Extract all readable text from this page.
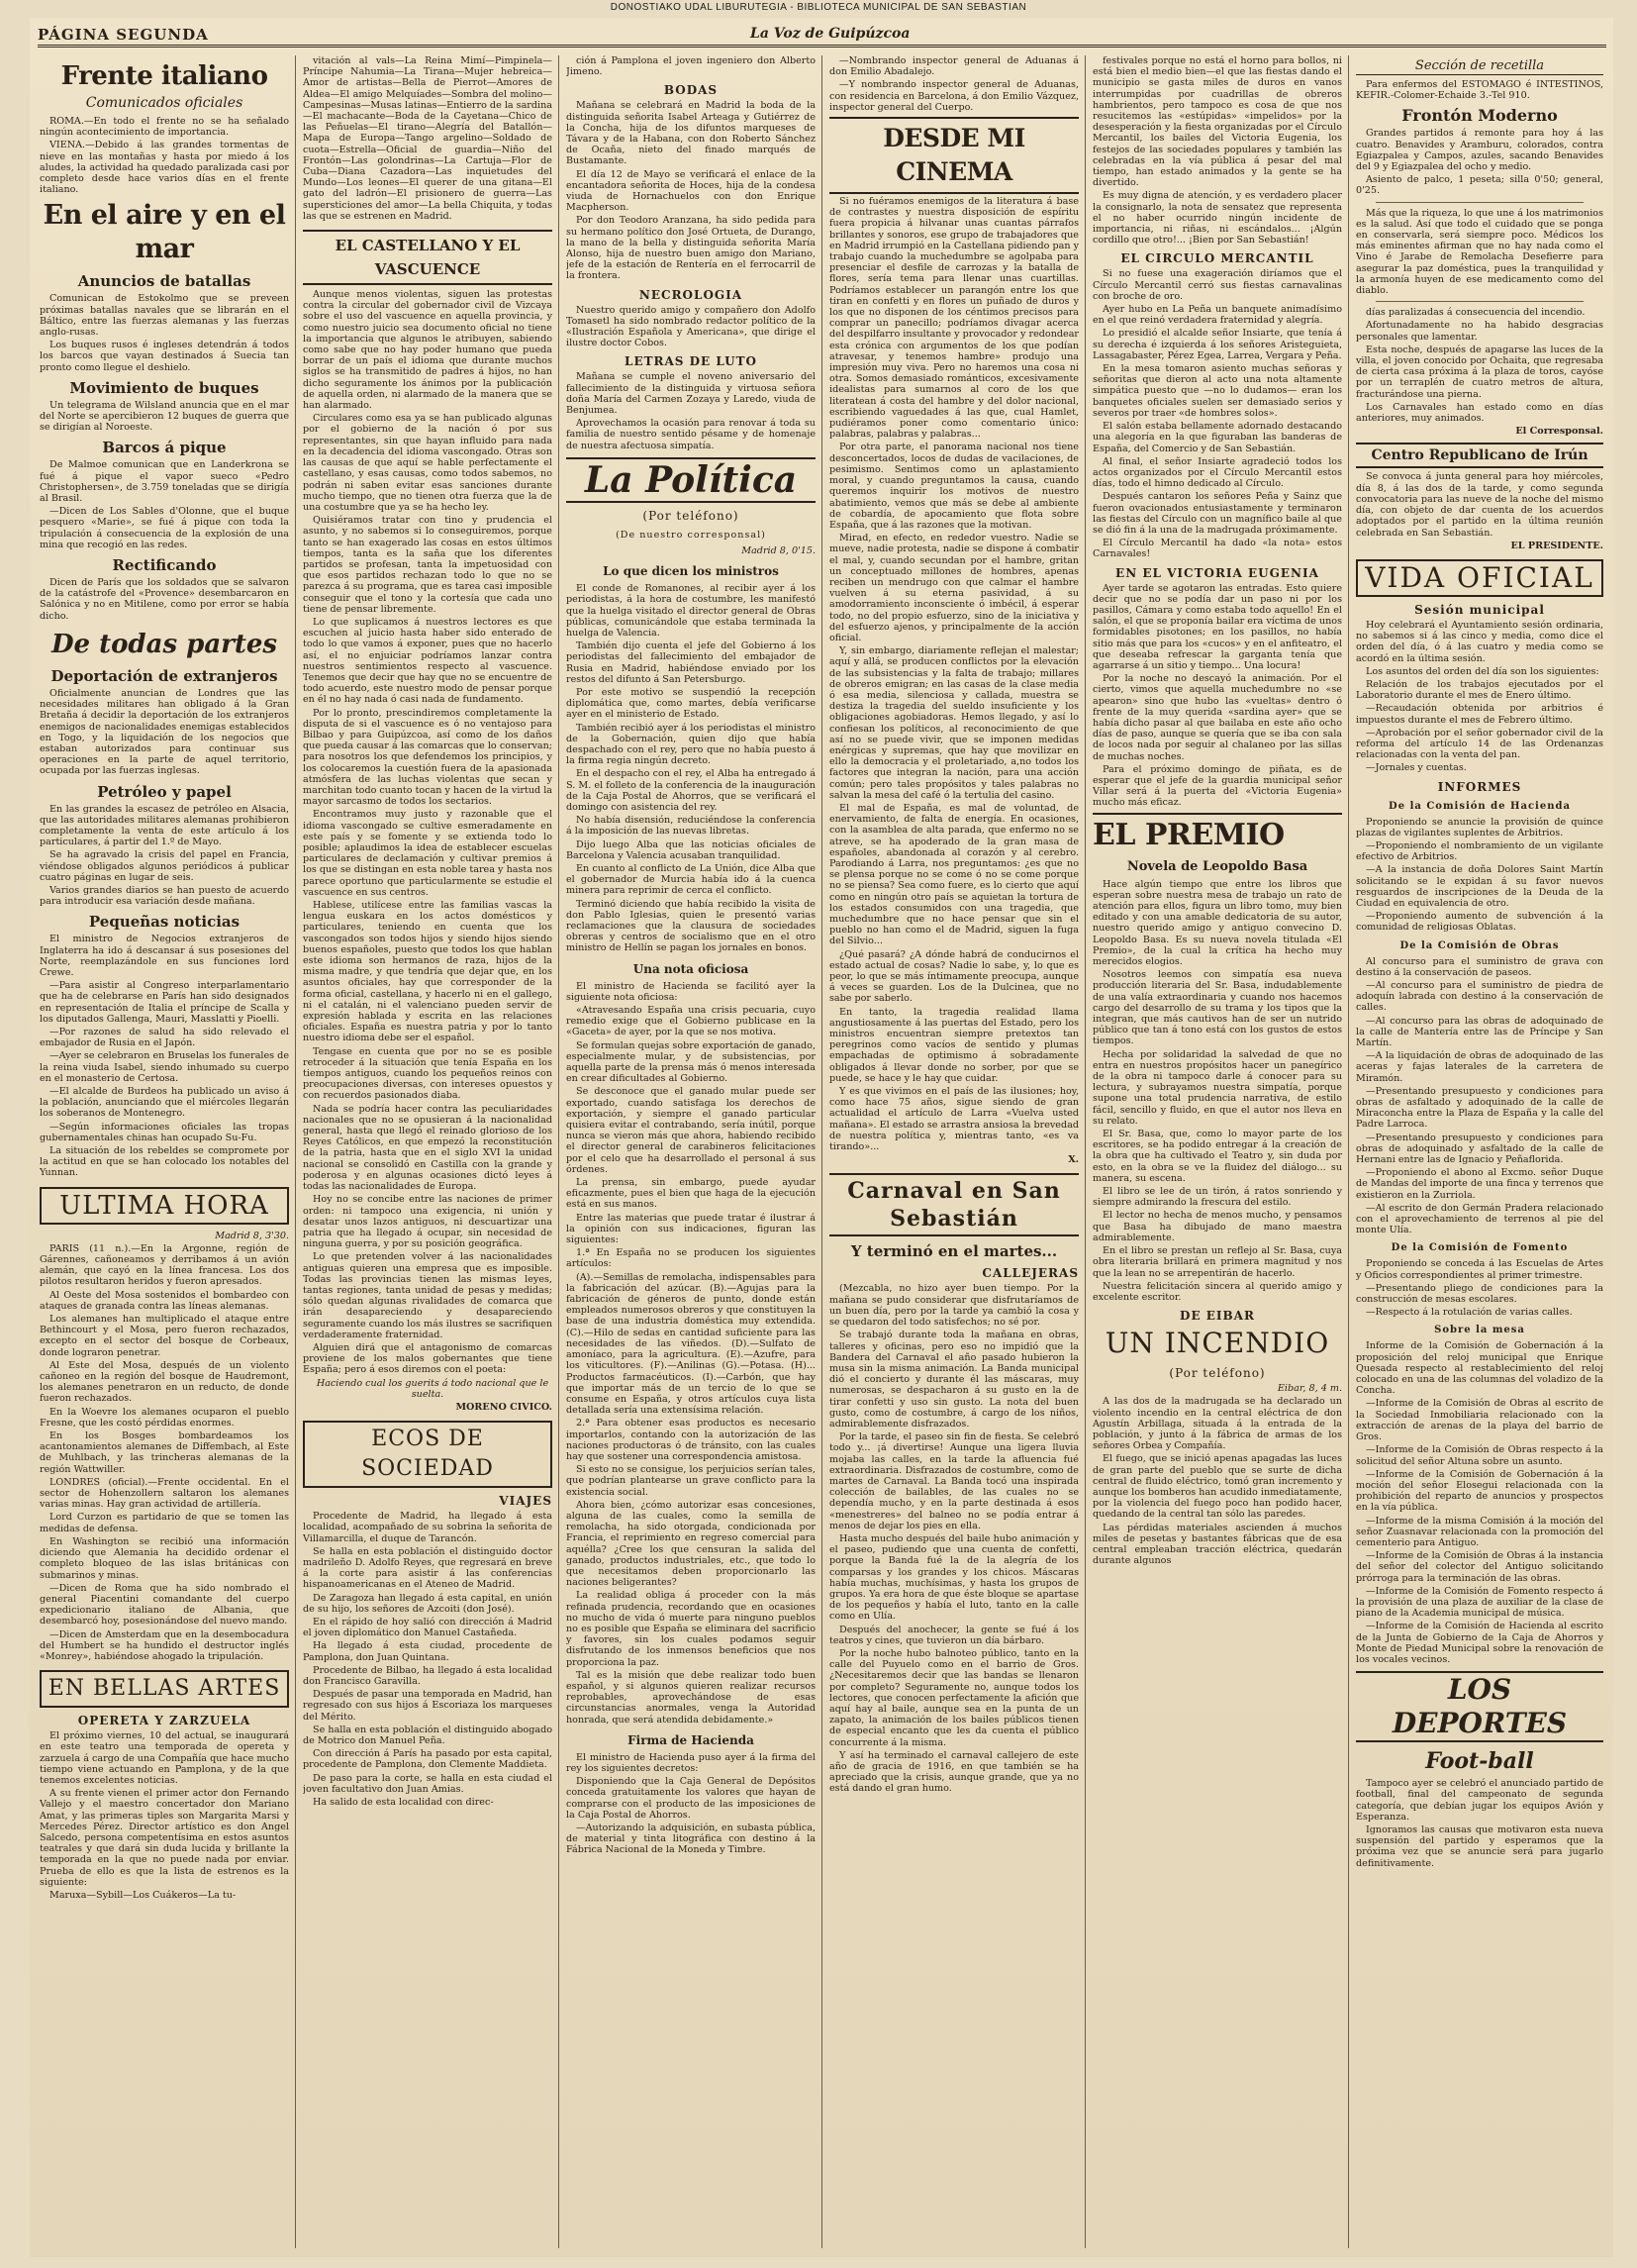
DONOSTIAKO UDAL LIBURUTEGIA - BIBLIOTECA MUNICIPAL DE SAN SEBASTIAN
PÁGINA SEGUNDA	La Voz de Guipúzcoa
Frente italiano
Comunicados oficiales
ROMA.—En todo el frente no se ha señalado ningún acontecimiento de importancia.
VIENA.—Debido á las grandes tormentas de nieve en las montañas y hasta por miedo á los aludes, la actividad ha quedado paralizada casi por completo desde hace varios días en el frente italiano.
En el aire y en el mar
Anuncios de batallas
Comunican de Estokolmo que se preveen próximas batallas navales que se librarán en el Báltico, entre las fuerzas alemanas y las fuerzas anglo-rusas.
Los buques rusos é ingleses detendrán á todos los barcos que vayan destinados á Suecia tan pronto como llegue el deshielo.
Movimiento de buques
Un telegrama de Wilsland anuncia que en el mar del Norte se apercibieron 12 buques de guerra que se dirigían al Noroeste.
Barcos á pique
De Malmoe comunican que en Landerkrona se fué á pique el vapor sueco «Pedro Christophersen», de 3.759 toneladas que se dirigía al Brasil.
—Dicen de Los Sables d'Olonne, que el buque pesquero «Marie», se fué á pique con toda la tripulación á consecuencia de la explosión de una mina que recogió en las redes.
Rectificando
Dicen de París que los soldados que se salvaron de la catástrofe del «Provence» desembarcaron en Salónica y no en Mitilene, como por error se había dicho.
De todas partes
Deportación de extranjeros
Oficialmente anuncian de Londres que las necesidades militares han obligado á la Gran Bretaña á decidir la deportación de los extranjeros enemigos de nacionalidades enemigas establecidos en Togo, y la liquidación de los negocios que estaban autorizados para continuar sus operaciones en la parte de aquel territorio, ocupada por las fuerzas inglesas.
Petróleo y papel
En las grandes la escasez de petróleo en Alsacia, que las autoridades militares alemanas prohibieron completamente la venta de este artículo á los particulares, á partir del 1.º de Mayo.
Se ha agravado la crisis del papel en Francia, viéndose obligados algunos periódicos á publicar cuatro páginas en lugar de seis.
Varios grandes diarios se han puesto de acuerdo para introducir esa variación desde mañana.
Pequeñas noticias
El ministro de Negocios extranjeros de Inglaterra ha ido á descansar á sus posesiones del Norte, reemplazándole en sus funciones lord Crewe.
—Para asistir al Congreso interparlamentario que ha de celebrarse en París han sido designados en representación de Italia el príncipe de Scalla y los diputados Gallenga, Mauri, Masslatti y Pioelli.
—Por razones de salud ha sido relevado el embajador de Rusia en el Japón.
—Ayer se celebraron en Bruselas los funerales de la reina viuda Isabel, siendo inhumado su cuerpo en el monasterio de Certosa.
—El alcalde de Burdeos ha publicado un aviso á la población, anunciando que el miércoles llegarán los soberanos de Montenegro.
—Según informaciones oficiales las tropas gubernamentales chinas han ocupado Su-Fu.
La situación de los rebeldes se compromete por la actitud en que se han colocado los notables del Yunnan.
ULTIMA HORA
Madrid 8, 3'30.
PARIS (11 n.).—En la Argonne, región de Gárennes, cañoneamos y derribamos á un avión alemán, que cayó en la línea francesa. Los dos pilotos resultaron heridos y fueron apresados.
Al Oeste del Mosa sostenidos el bombardeo con ataques de granada contra las líneas alemanas.
Los alemanes han multiplicado el ataque entre Bethincourt y el Mosa, pero fueron rechazados, excepto en el sector del bosque de Corbeaux, donde lograron penetrar.
Al Este del Mosa, después de un violento cañoneo en la región del bosque de Haudremont, los alemanes penetraron en un reducto, de donde fueron rechazados.
En la Woevre los alemanes ocuparon el pueblo Fresne, que les costó pérdidas enormes.
En los Bosges bombardeamos los acantonamientos alemanes de Diffembach, al Este de Muhlbach, y las trincheras alemanas de la región Wattwiller.
LONDRES (oficial).—Frente occidental. En el sector de Hohenzollern saltaron los alemanes varias minas. Hay gran actividad de artillería.
Lord Curzon es partidario de que se tomen las medidas de defensa.
En Washington se recibió una información diciendo que Alemania ha decidido ordenar el completo bloqueo de las islas británicas con submarinos y minas.
—Dicen de Roma que ha sido nombrado el general Piacentini comandante del cuerpo expedicionario italiano de Albania, que desembarcó hoy, posesionándose del nuevo mando.
—Dicen de Amsterdam que en la desembocadura del Humbert se ha hundido el destructor inglés «Monrey», habiéndose ahogado la tripulación.
EN BELLAS ARTES
OPERETA Y ZARZUELA
El próximo viernes, 10 del actual, se inaugurará en este teatro una temporada de opereta y zarzuela á cargo de una Compañía que hace mucho tiempo viene actuando en Pamplona, y de la que tenemos excelentes noticias.
A su frente vienen el primer actor don Fernando Vallejo y el maestro concertador don Mariano Amat, y las primeras tiples son Margarita Marsi y Mercedes Pérez. Director artístico es don Angel Salcedo, persona competentísima en estos asuntos teatrales y que dará sin duda lucida y brillante la temporada en la que no puede nada por enviar. Prueba de ello es que la lista de estrenos es la siguiente:
Maruxa—Sybill—Los Cuákeros—La tu-
vitación al vals—La Reina Mimí—Pimpinela—Príncipe Nahumia—La Tirana—Mujer hebreica—Amor de artistas—Bella de Pierrot—Amores de Aldea—El amigo Melquíades—Sombra del molino—Campesinas—Musas latinas—Entierro de la sardina—El machacante—Boda de la Cayetana—Chico de las Peñuelas—El tirano—Alegría del Batallón—Mapa de Europa—Tango argelino—Soldado de cuota—Estrella—Oficial de guardia—Niño del Frontón—Las golondrinas—La Cartuja—Flor de Cuba—Diana Cazadora—Las inquietudes del Mundo—Los leones—El querer de una gitana—El gato del ladrón—El prisionero de guerra—Las supersticiones del amor—La bella Chiquita, y todas las que se estrenen en Madrid.
EL CASTELLANO Y EL VASCUENCE
Aunque menos violentas, siguen las protestas contra la circular del gobernador civil de Vizcaya sobre el uso del vascuence en aquella provincia, y como nuestro juicio sea documento oficial no tiene la importancia que algunos le atribuyen, sabiendo como sabe que no hay poder humano que pueda borrar de un país el idioma que durante muchos siglos se ha transmitido de padres á hijos, no han dicho seguramente los ánimos por la publicación de aquella orden, ni alarmado de la manera que se han alarmado.
Circulares como esa ya se han publicado algunas por el gobierno de la nación ó por sus representantes, sin que hayan influido para nada en la decadencia del idioma vascongado. Otras son las causas de que aquí se hable perfectamente el castellano, y esas causas, como todos sabemos, no podrán ni saben evitar esas sanciones durante mucho tiempo, que no tienen otra fuerza que la de una costumbre que ya se ha hecho ley.
Quisiéramos tratar con tino y prudencia el asunto, y no sabemos si lo conseguiremos, porque tanto se han exagerado las cosas en estos últimos tiempos, tanta es la saña que los diferentes partidos se profesan, tanta la impetuosidad con que esos partidos rechazan todo lo que no se parezca á su programa, que es tarea casi imposible conseguir que el tono y la cortesía que cada uno tiene de pensar libremente.
Lo que suplicamos á nuestros lectores es que escuchen al juicio hasta haber sido enterado de todo lo que vamos á exponer, pues que no hacerlo así, el no enjuiciar podríamos lanzar contra nuestros sentimientos respecto al vascuence. Tenemos que decir que hay que no se encuentre de todo acuerdo, este nuestro modo de pensar porque en él no hay nada ó casi nada de fundamento.
Por lo pronto, prescindiremos completamente la disputa de si el vascuence es ó no ventajoso para Bilbao y para Guipúzcoa, así como de los daños que pueda causar á las comarcas que lo conservan; para nosotros los que defendemos los principios, y los colocaremos la cuestión fuera de la apasionada atmósfera de las luchas violentas que secan y marchitan todo cuanto tocan y hacen de la virtud la mayor sarcasmo de todos los sectarios.
Encontramos muy justo y razonable que el idioma vascongado se cultive esmeradamente en este país y se fomente y se extienda todo lo posible; aplaudimos la idea de establecer escuelas particulares de declamación y cultivar premios á los que se distingan en esta noble tarea y hasta nos parece oportuno que particularmente se estudie el vascuence en sus centros.
Hablese, utilícese entre las familias vascas la lengua euskara en los actos domésticos y particulares, teniendo en cuenta que los vascongados son todos hijos y siendo hijos siendo buenos españoles, puesto que todos los que hablan este idioma son hermanos de raza, hijos de la misma madre, y que tendría que dejar que, en los asuntos oficiales, hay que corresponder de la forma oficial, castellana, y hacerlo ni en el gallego, ni el catalán, ni el valenciano pueden servir de expresión hablada y escrita en las relaciones oficiales. España es nuestra patria y por lo tanto nuestro idioma debe ser el español.
Tengase en cuenta que por no se es posible retroceder á la situación que tenía España en los tiempos antiguos, cuando los pequeños reinos con preocupaciones diversas, con intereses opuestos y con recuerdos pasionados diaba.
Nada se podría hacer contra las peculiaridades nacionales que no se opusieran á la nacionalidad general, hasta que llegó el reinado glorioso de los Reyes Católicos, en que empezó la reconstitución de la patria, hasta que en el siglo XVI la unidad nacional se consolidó en Castilla con la grande y poderosa y en algunas ocasiones dictó leyes á todas las nacionalidades de Europa.
Hoy no se concibe entre las naciones de primer orden: ni tampoco una exigencia, ni unión y desatar unos lazos antiguos, ni descuartizar una patria que ha llegado á ocupar, sin necesidad de ninguna guerra, y por su posición geográfica.
Lo que pretenden volver á las nacionalidades antiguas quieren una empresa que es imposible. Todas las provincias tienen las mismas leyes, tantas regiones, tanta unidad de pesas y medidas; sólo quedan algunas rivalidades de comarca que irán desapareciendo y desapareciendo seguramente cuando los más ilustres se sacrifiquen verdaderamente fraternidad.
Alguien dirá que el antagonismo de comarcas proviene de los malos gobernantes que tiene España; pero á esos diremos con el poeta:
Haciendo cual los guerits á todo nacional que le suelta.
MORENO CIVICO.
ECOS DE SOCIEDAD
VIAJES
Procedente de Madrid, ha llegado á esta localidad, acompañado de su sobrina la señorita de Villamarcilla, el duque de Tarancón.
Se halla en esta población el distinguido doctor madrileño D. Adolfo Reyes, que regresará en breve á la corte para asistir á las conferencias hispanoamericanas en el Ateneo de Madrid.
De Zaragoza han llegado á esta capital, en unión de su hijo, los señores de Azcoiti (don José).
En el rápido de hoy salió con dirección á Madrid el joven diplomático don Manuel Castañeda.
Ha llegado á esta ciudad, procedente de Pamplona, don Juan Quintana.
Procedente de Bilbao, ha llegado á esta localidad don Francisco Garavilla.
Después de pasar una temporada en Madrid, han regresado con sus hijos á Escoriaza los marqueses del Mérito.
Se halla en esta población el distinguido abogado de Motrico don Manuel Peña.
Con dirección á París ha pasado por esta capital, procedente de Pamplona, don Clemente Maddieta.
De paso para la corte, se halla en esta ciudad el joven facultativo don Juan Amias.
Ha salido de esta localidad con direc-
ción á Pamplona el joven ingeniero don Alberto Jimeno.
BODAS
Mañana se celebrará en Madrid la boda de la distinguida señorita Isabel Arteaga y Gutiérrez de la Concha, hija de los difuntos marqueses de Távara y de la Habana, con don Roberto Sánchez de Ocaña, nieto del finado marqués de Bustamante.
El día 12 de Mayo se verificará el enlace de la encantadora señorita de Hoces, hija de la condesa viuda de Hornachuelos con don Enrique Macpherson.
Por don Teodoro Aranzana, ha sido pedida para su hermano político don José Ortueta, de Durango, la mano de la bella y distinguida señorita María Alonso, hija de nuestro buen amigo don Mariano, jefe de la estación de Rentería en el ferrocarril de la frontera.
NECROLOGIA
Nuestro querido amigo y compañero don Adolfo Tomasetl ha sido nombrado redactor político de la «Ilustración Española y Americana», que dirige el ilustre doctor Cobos.
LETRAS DE LUTO
Mañana se cumple el noveno aniversario del fallecimiento de la distinguida y virtuosa señora doña María del Carmen Zozaya y Laredo, viuda de Benjumea.
Aprovechamos la ocasión para renovar á toda su familia de nuestro sentido pésame y de homenaje de nuestra afectuosa simpatía.
La Política
(Por teléfono)
(De nuestro corresponsal)
Madrid 8, 0'15.
Lo que dicen los ministros
El conde de Romanones, al recibir ayer á los periodistas, á la hora de costumbre, les manifestó que la huelga visitado el director general de Obras públicas, comunicándole que estaba terminada la huelga de Valencia.
También dijo cuenta el jefe del Gobierno á los periodistas del fallecimiento del embajador de Rusia en Madrid, habiéndose enviado por los restos del difunto á San Petersburgo.
Por este motivo se suspendió la recepción diplomática que, como martes, debía verificarse ayer en el ministerio de Estado.
También recibió ayer á los periodistas el ministro de la Gobernación, quien dijo que había despachado con el rey, pero que no había puesto á la firma regia ningún decreto.
En el despacho con el rey, el Alba ha entregado á S. M. el folleto de la conferencia de la inauguración de la Caja Postal de Ahorros, que se verificará el domingo con asistencia del rey.
No había disensión, reduciéndose la conferencia á la imposición de las nuevas libretas.
Dijo luego Alba que las noticias oficiales de Barcelona y Valencia acusaban tranquilidad.
En cuanto al conflicto de La Unión, dice Alba que el gobernador de Murcia había ido á la cuenca minera para reprimir de cerca el conflicto.
Terminó diciendo que había recibido la visita de don Pablo Iglesias, quien le presentó varias reclamaciones que la clausura de sociedades obreras y centros de socialismo que en el otro ministro de Hellín se pagan los jornales en bonos.
Una nota oficiosa
El ministro de Hacienda se facilitó ayer la siguiente nota oficiosa:
«Atravesando España una crisis pecuaria, cuyo remedio exige que el Gobierno publicase en la «Gaceta» de ayer, por la que se nos motiva.
Se formulan quejas sobre exportación de ganado, especialmente mular, y de subsistencias, por aquella parte de la prensa más ó menos interesada en crear dificultades al Gobierno.
Se desconoce que el ganado mular puede ser exportado, cuando satisfaga los derechos de exportación, y siempre el ganado particular quisiera evitar el contrabando, sería inútil, porque nunca se vieron más que ahora, habiendo recibido el director general de carabineros felicitaciones por el celo que ha desarrollado el personal á sus órdenes.
La prensa, sin embargo, puede ayudar eficazmente, pues el bien que haga de la ejecución está en sus manos.
Entre las materias que puede tratar é ilustrar á la opinión con sus indicaciones, figuran las siguientes:
1.ª En España no se producen los siguientes artículos:
(A).—Semillas de remolacha, indispensables para la fabricación del azúcar. (B).—Agujas para la fabricación de géneros de punto, donde están empleados numerosos obreros y que constituyen la base de una industria doméstica muy extendida. (C).—Hilo de sedas en cantidad suficiente para las necesidades de las viñedos. (D).—Sulfato de amoníaco, para la agricultura. (E).—Azufre, para los viticultores. (F).—Anilinas (G).—Potasa. (H)... Productos farmacéuticos. (I).—Carbón, que hay que importar más de un tercio de lo que se consume en España, y otros artículos cuya lista detallada sería una extensísima relación.
2.ª Para obtener esas productos es necesario importarlos, contando con la autorización de las naciones productoras ó de tránsito, con las cuales hay que sostener una correspondencia amistosa.
Si esto no se consigue, los perjuicios serían tales, que podrían plantearse un grave conflicto para la existencia social.
Ahora bien, ¿cómo autorizar esas concesiones, alguna de las cuales, como la semilla de remolacha, ha sido otorgada, condicionada por Francia, el reprimiento en regreso comercial para aquélla? ¿Cree los que censuran la salida del ganado, productos industriales, etc., que todo lo que necesitamos deben proporcionarlo las naciones beligerantes?
La realidad obliga á proceder con la más refinada prudencia, recordando que en ocasiones no mucho de vida ó muerte para ninguno pueblos no es posible que España se eliminara del sacrificio y favores, sin los cuales podamos seguir disfrutando de los inmensos beneficios que nos proporciona la paz.
Tal es la misión que debe realizar todo buen español, y si algunos quieren realizar recursos reprobables, aprovechándose de esas circunstancias anormales, venga la Autoridad honrada, que será atendida debidamente.»
Firma de Hacienda
El ministro de Hacienda puso ayer á la firma del rey los siguientes decretos:
Disponiendo que la Caja General de Depósitos conceda gratuitamente los valores que hayan de comprarse con el producto de las imposiciones de la Caja Postal de Ahorros.
—Autorizando la adquisición, en subasta pública, de material y tinta litográfica con destino á la Fábrica Nacional de la Moneda y Timbre.
—Nombrando inspector general de Aduanas á don Emilio Abadalejo.
—Y nombrando inspector general de Aduanas, con residencia en Barcelona, á don Emilio Vázquez, inspector general del Cuerpo.
DESDE MI CINEMA
Si no fuéramos enemigos de la literatura á base de contrastes y nuestra disposición de espíritu fuera propicia á hilvanar unas cuantas párrafos brillantes y sonoros, ese grupo de trabajadores que en Madrid irrumpió en la Castellana pidiendo pan y trabajo cuando la muchedumbre se agolpaba para presenciar el desfile de carrozas y la batalla de flores, sería tema para llenar unas cuartillas. Podríamos establecer un parangón entre los que tiran en confetti y en flores un puñado de duros y los que no disponen de los céntimos precisos para comprar un panecillo; podríamos divagar acerca del despilfarro insultante y provocador y redondear esta crónica con argumentos de los que podían atravesar, y tenemos hambre» produjo una impresión muy viva. Pero no haremos una cosa ni otra. Somos demasiado románticos, excesivamente idealistas para sumarnos al coro de los que literatean á costa del hambre y del dolor nacional, escribiendo vaguedades á las que, cual Hamlet, pudiéramos poner como comentario único: palabras, palabras y palabras...
Por otra parte, el panorama nacional nos tiene desconcertados, locos de dudas de vacilaciones, de pesimismo. Sentimos como un aplastamiento moral, y cuando preguntamos la causa, cuando queremos inquirir los motivos de nuestro abatimiento, vemos que más se debe al ambiente de cobardía, de apocamiento que flota sobre España, que á las razones que la motivan.
Mirad, en efecto, en rededor vuestro. Nadie se mueve, nadie protesta, nadie se dispone á combatir el mal, y, cuando secundan por el hambre, gritan un conceptuado millones de hombres, apenas reciben un mendrugo con que calmar el hambre vuelven á su eterna pasividad, á su amodorramiento inconsciente ó imbécil, á esperar todo, no del propio esfuerzo, sino de la iniciativa y del esfuerzo ajenos, y principalmente de la acción oficial.
Y, sin embargo, diariamente reflejan el malestar; aquí y allá, se producen conflictos por la elevación de las subsistencias y la falta de trabajo; millares de obreros emigran; en las casas de la clase media ó esa media, silenciosa y callada, muestra se destiza la tragedia del sueldo insuficiente y los obligaciones agobiadoras. Hemos llegado, y así lo confiesan los políticos, al reconocimiento de que así no se puede vivir, que se imponen medidas enérgicas y supremas, que hay que movilizar en ello la democracia y el proletariado, a,no todos los factores que integran la nación, para una acción común; pero tales propósitos y tales palabras no salvan la mesa del café ó la tertulia del casino.
El mal de España, es mal de voluntad, de enervamiento, de falta de energía. En ocasiones, con la asamblea de alta parada, que enfermo no se atreve, se ha apoderado de la gran masa de españoles, abandonada al corazón y al cerebro. Parodiando á Larra, nos preguntamos: ¿es que no se plensa porque no se come ó no se come porque no se piensa? Sea como fuere, es lo cierto que aquí como en ningún otro país se aquietan la tortura de los estados consumidos con una tragedia, que muchedumbre que no hace pensar que sin el pueblo no han como el de Madrid, siguen la fuga del Silvio...
¿Qué pasará? ¿A dónde habrá de conducirnos el estado actual de cosas? Nadie lo sabe, y, lo que es peor, lo que se más íntimamente preocupa, aunque á veces se guarden. Los de la Dulcinea, que no sabe por saberlo.
En tanto, la tragedia realidad llama angustiosamente á las puertas del Estado, pero los ministros encuentran siempre pretextos tan peregrinos como vacíos de sentido y plumas empachadas de optimismo á sobradamente obligados á llevar donde no sorber, por que se puede, se hace y le hay que cuidar.
Y es que vivimos en el país de las ilusiones; hoy, como hace 75 años, sigue siendo de gran actualidad el artículo de Larra «Vuelva usted mañana». El estado se arrastra ansiosa la brevedad de nuestra política y, mientras tanto, «es va tirando»...
X.
Carnaval en San Sebastián
Y terminó en el martes...
CALLEJERAS
(Mezcabla, no hizo ayer buen tiempo. Por la mañana se pudo considerar que disfrutaríamos de un buen día, pero por la tarde ya cambió la cosa y se quedaron del todo satisfechos; no sé por.
Se trabajó durante toda la mañana en obras, talleres y oficinas, pero eso no impidió que la Bandera del Carnaval el año pasado hubieron la musa sin la misma animación. La Banda municipal dió el concierto y durante él las máscaras, muy numerosas, se despacharon á su gusto en la de tirar confetti y uso sin gusto. La nota del buen gusto, como de costumbre, á cargo de los niños, admirablemente disfrazados.
Por la tarde, el paseo sin fin de fiesta. Se celebró todo y... ¡á divertirse! Aunque una ligera lluvia mojaba las calles, en la tarde la afluencia fué extraordinaria. Disfrazados de costumbre, como de martes de Carnaval. La Banda tocó una inspirada colección de bailables, de las cuales no se dependía mucho, y en la parte destinada á esos «menestreres» del balneo no se podía entrar á menos de dejar los pies en ella.
Hasta mucho después del baile hubo animación y el paseo, pudiendo que una cuenta de confetti, porque la Banda fué la de la alegría de los comparsas y los grandes y los chicos. Máscaras había muchas, muchísimas, y hasta los grupos de grupos. Ya era hora de que éste bloque se apartase de los pequeños y había el luto, tanto en la calle como en Ulía.
Después del anochecer, la gente se fué á los teatros y cines, que tuvieron un día bárbaro.
Por la noche hubo balnoteo público, tanto en la calle del Puyuelo como en el barrio de Gros. ¿Necesitaremos decir que las bandas se llenaron por completo? Seguramente no, aunque todos los lectores, que conocen perfectamente la afición que aquí hay al baile, aunque sea en la punta de un zapato, la animación de los bailes públicos tienen de especial encanto que les da cuenta el público concurrente á la misma.
Y así ha terminado el carnaval callejero de este año de gracia de 1916, en que también se ha apreciado que la crisis, aunque grande, que ya no está dando el gran humo.
festivales porque no está el horno para bollos, ni está bien el medio bien—el que las fiestas dando el municipio se gasta miles de duros en vanos interrumpidas por cuadrillas de obreros hambrientos, pero tampoco es cosa de que nos resucitemos las «estúpidas» «impelidos» por la desesperación y la fiesta organizadas por el Círculo Mercantil, los bailes del Victoria Eugenia, los festejos de las sociedades populares y también las celebradas en la vía pública á pesar del mal tiempo, han estado animados y la gente se ha divertido.
Es muy digna de atención, y es verdadero placer la consignarlo, la nota de sensatez que representa el no haber ocurrido ningún incidente de importancia, ni riñas, ni escándalos... ¡Algún cordillo que otro!... ¡Bien por San Sebastián!
EL CIRCULO MERCANTIL
Si no fuese una exageración diríamos que el Círculo Mercantil cerró sus fiestas carnavalinas con broche de oro.
Ayer hubo en La Peña un banquete animadísimo en el que reinó verdadera fraternidad y alegría.
Lo presidió el alcalde señor Insiarte, que tenía á su derecha é izquierda á los señores Aristeguieta, Lassagabaster, Pérez Egea, Larrea, Vergara y Peña.
En la mesa tomaron asiento muchas señoras y señoritas que dieron al acto una nota altamente simpática puesto que —no lo dudamos— eran los banquetes oficiales suelen ser demasiado serios y severos por traer «de hombres solos».
El salón estaba bellamente adornado destacando una alegoría en la que figuraban las banderas de España, del Comercio y de San Sebastián.
Al final, el señor Insiarte agradeció todos los actos organizados por el Círculo Mercantil estos días, todo el himno dedicado al Círculo.
Después cantaron los señores Peña y Sainz que fueron ovacionados entusiastamente y terminaron las fiestas del Círculo con un magnífico baile al que se dió fin á la una de la madrugada próximamente.
El Círculo Mercantil ha dado «la nota» estos Carnavales!
EN EL VICTORIA EUGENIA
Ayer tarde se agotaron las entradas. Esto quiere decir que no se podía dar un paso ni por los pasillos, Cámara y como estaba todo aquello! En el salón, el que se proponía bailar era víctima de unos formidables pisotones; en los pasillos, no había sitio más que para los «cucos» y en el anfiteatro, el que deseaba refrescar la garganta tenía que agarrarse á un sitio y tiempo... Una locura!
Por la noche no descayó la animación. Por el cierto, vimos que aquella muchedumbre no «se apearon» sino que hubo las «vueltas» dentro ó frente de la muy querida «sardina ayer» que se había dicho pasar al que bailaba en este año ocho días de paso, aunque se quería que se iba con sala de locos nada por seguir al chalaneo por las sillas de muchas noches.
Para el próximo domingo de piñata, es de esperar que el jefe de la guardia municipal señor Villar será á la puerta del «Victoria Eugenia» mucho más eficaz.
EL PREMIO
Novela de Leopoldo Basa
Hace algún tiempo que entre los libros que esperan sobre nuestra mesa de trabajo un rato de atención para ellos, figura un libro tomo, muy bien editado y con una amable dedicatoria de su autor, nuestro querido amigo y antiguo convecino D. Leopoldo Basa. Es su nueva novela titulada «El Premio», de la cual la crítica ha hecho muy merecidos elogios.
Nosotros leemos con simpatía esa nueva producción literaria del Sr. Basa, indudablemente de una valía extraordinaria y cuando nos hacemos cargo del desarrollo de su trama y los tipos que la integran, que más cautivos han de ser un nutrido público que tan á tono está con los gustos de estos tiempos.
Hecha por solidaridad la salvedad de que no entra en nuestros propósitos hacer un panegírico de la obra ni tampoco darle á conocer para su lectura, y subrayamos nuestra simpatía, porque supone una total prudencia narrativa, de estilo fácil, sencillo y fluido, en que el autor nos lleva en su relato.
El Sr. Basa, que, como lo mayor parte de los escritores, se ha podido entregar á la creación de la obra que ha cultivado el Teatro y, sin duda por esto, en la obra se ve la fluidez del diálogo... su manera, su escena.
El libro se lee de un tirón, á ratos sonriendo y siempre admirando la frescura del estilo.
El lector no hecha de menos mucho, y pensamos que Basa ha dibujado de mano maestra admirablemente.
En el libro se prestan un reflejo al Sr. Basa, cuya obra literaria brillará en primera magnitud y nos que la lean no se arrepentirán de hacerlo.
Nuestra felicitación sincera al querido amigo y excelente escritor.
DE EIBAR
UN INCENDIO
(Por teléfono)
Eibar, 8, 4 m.
A las dos de la madrugada se ha declarado un violento incendio en la central eléctrica de don Agustín Arbillaga, situada á la entrada de la población, y junto á la fábrica de armas de los señores Orbea y Compañía.
El fuego, que se inició apenas apagadas las luces de gran parte del pueblo que se surte de dicha central de fluido eléctrico, tomó gran incremento y aunque los bomberos han acudido inmediatamente, por la violencia del fuego poco han podido hacer, quedando de la central tan sólo las paredes.
Las pérdidas materiales ascienden á muchos miles de pesetas y bastantes fábricas que de esa central empleaban tracción eléctrica, quedarán durante algunos
Sección de recetilla
Para enfermos del ESTOMAGO é INTESTINOS, KEFIR.-Colomer-Echaide 3.-Tel 910.
Frontón Moderno
Grandes partidos á remonte para hoy á las cuatro. Benavides y Aramburu, colorados, contra Egiazpalea y Campos, azules, sacando Benavides del 9 y Egiazpalea del ocho y medio.
Asiento de palco, 1 peseta; silla 0'50; general, 0'25.
Más que la riqueza, lo que une á los matrimonios es la salud. Así que todo el cuidado que se ponga en conservarla, será siempre poco. Médicos los más eminentes afirman que no hay nada como el Vino é Jarabe de Remolacha Desefierre para asegurar la paz doméstica, pues la tranquilidad y la armonía huyen de ese medicamento como del diablo.
días paralizadas á consecuencia del incendio.
Afortunadamente no ha habido desgracias personales que lamentar.
Esta noche, después de apagarse las luces de la villa, el joven conocido por Ochaita, que regresaba de cierta casa próxima á la plaza de toros, cayóse por un terraplén de cuatro metros de altura, fracturándose una pierna.
Los Carnavales han estado como en días anteriores, muy animados.
El Corresponsal.
Centro Republicano de Irún
Se convoca á junta general para hoy miércoles, día 8, á las dos de la tarde, y como segunda convocatoria para las nueve de la noche del mismo día, con objeto de dar cuenta de los acuerdos adoptados por el partido en la última reunión celebrada en San Sebastián.
EL PRESIDENTE.
VIDA OFICIAL
Sesión municipal
Hoy celebrará el Ayuntamiento sesión ordinaria, no sabemos si á las cinco y media, como dice el orden del día, ó á las cuatro y media como se acordó en la última sesión.
Los asuntos del orden del día son los siguientes:
Relación de los trabajos ejecutados por el Laboratorio durante el mes de Enero último.
—Recaudación obtenida por arbitrios é impuestos durante el mes de Febrero último.
—Aprobación por el señor gobernador civil de la reforma del artículo 14 de las Ordenanzas relacionadas con la venta del pan.
—Jornales y cuentas.
INFORMES
De la Comisión de Hacienda
Proponiendo se anuncie la provisión de quince plazas de vigilantes suplentes de Arbitrios.
—Proponiendo el nombramiento de un vigilante efectivo de Arbitrios.
—A la instancia de doña Dolores Saint Martín solicitando se le expidan á su favor nuevos resguardos de inscripciones de la Deuda de la Ciudad en equivalencia de otro.
—Proponiendo aumento de subvención á la comunidad de religiosas Oblatas.
De la Comisión de Obras
Al concurso para el suministro de grava con destino á la conservación de paseos.
—Al concurso para el suministro de piedra de adoquín labrada con destino á la conservación de calles.
—Al concurso para las obras de adoquinado de la calle de Mantería entre las de Príncipe y San Martín.
—A la liquidación de obras de adoquinado de las aceras y fajas laterales de la carretera de Miramón.
—Presentando presupuesto y condiciones para obras de asfaltado y adoquinado de la calle de Miraconcha entre la Plaza de España y la calle del Padre Larroca.
—Presentando presupuesto y condiciones para obras de adoquinado y asfaltado de la calle de Hernani entre las de Ignacio y Peñaflorida.
—Proponiendo el abono al Excmo. señor Duque de Mandas del importe de una finca y terrenos que existieron en la Zurriola.
—Al escrito de don Germán Pradera relacionado con el aprovechamiento de terrenos al pie del monte Ulía.
De la Comisión de Fomento
Proponiendo se conceda á las Escuelas de Artes y Oficios correspondientes al primer trimestre.
—Presentando pliego de condiciones para la construcción de mesas escolares.
—Respecto á la rotulación de varias calles.
Sobre la mesa
Informe de la Comisión de Gobernación á la proposición del reloj municipal que Enrique Quesada respecto al restablecimiento del reloj colocado en una de las columnas del voladizo de la Concha.
—Informe de la Comisión de Obras al escrito de la Sociedad Inmobiliaria relacionado con la extracción de arenas de la playa del barrio de Gros.
—Informe de la Comisión de Obras respecto á la solicitud del señor Altuna sobre un asunto.
—Informe de la Comisión de Gobernación á la moción del señor Elosegui relacionada con la prohibición del reparto de anuncios y prospectos en la vía pública.
—Informe de la misma Comisión á la moción del señor Zuasnavar relacionada con la promoción del cementerio para Antiguo.
—Informe de la Comisión de Obras á la instancia del señor del colector del Antiguo solicitando prórroga para la terminación de las obras.
—Informe de la Comisión de Fomento respecto á la provisión de una plaza de auxiliar de la clase de piano de la Academia municipal de música.
—Informe de la Comisión de Hacienda al escrito de la Junta de Gobierno de la Caja de Ahorros y Monte de Piedad Municipal sobre la renovación de los vocales vecinos.
LOS DEPORTES
Foot-ball
Tampoco ayer se celebró el anunciado partido de football, final del campeonato de segunda categoría, que debían jugar los equipos Avión y Esperanza.
Ignoramos las causas que motivaron esta nueva suspensión del partido y esperamos que la próxima vez que se anuncie será para jugarlo definitivamente.
